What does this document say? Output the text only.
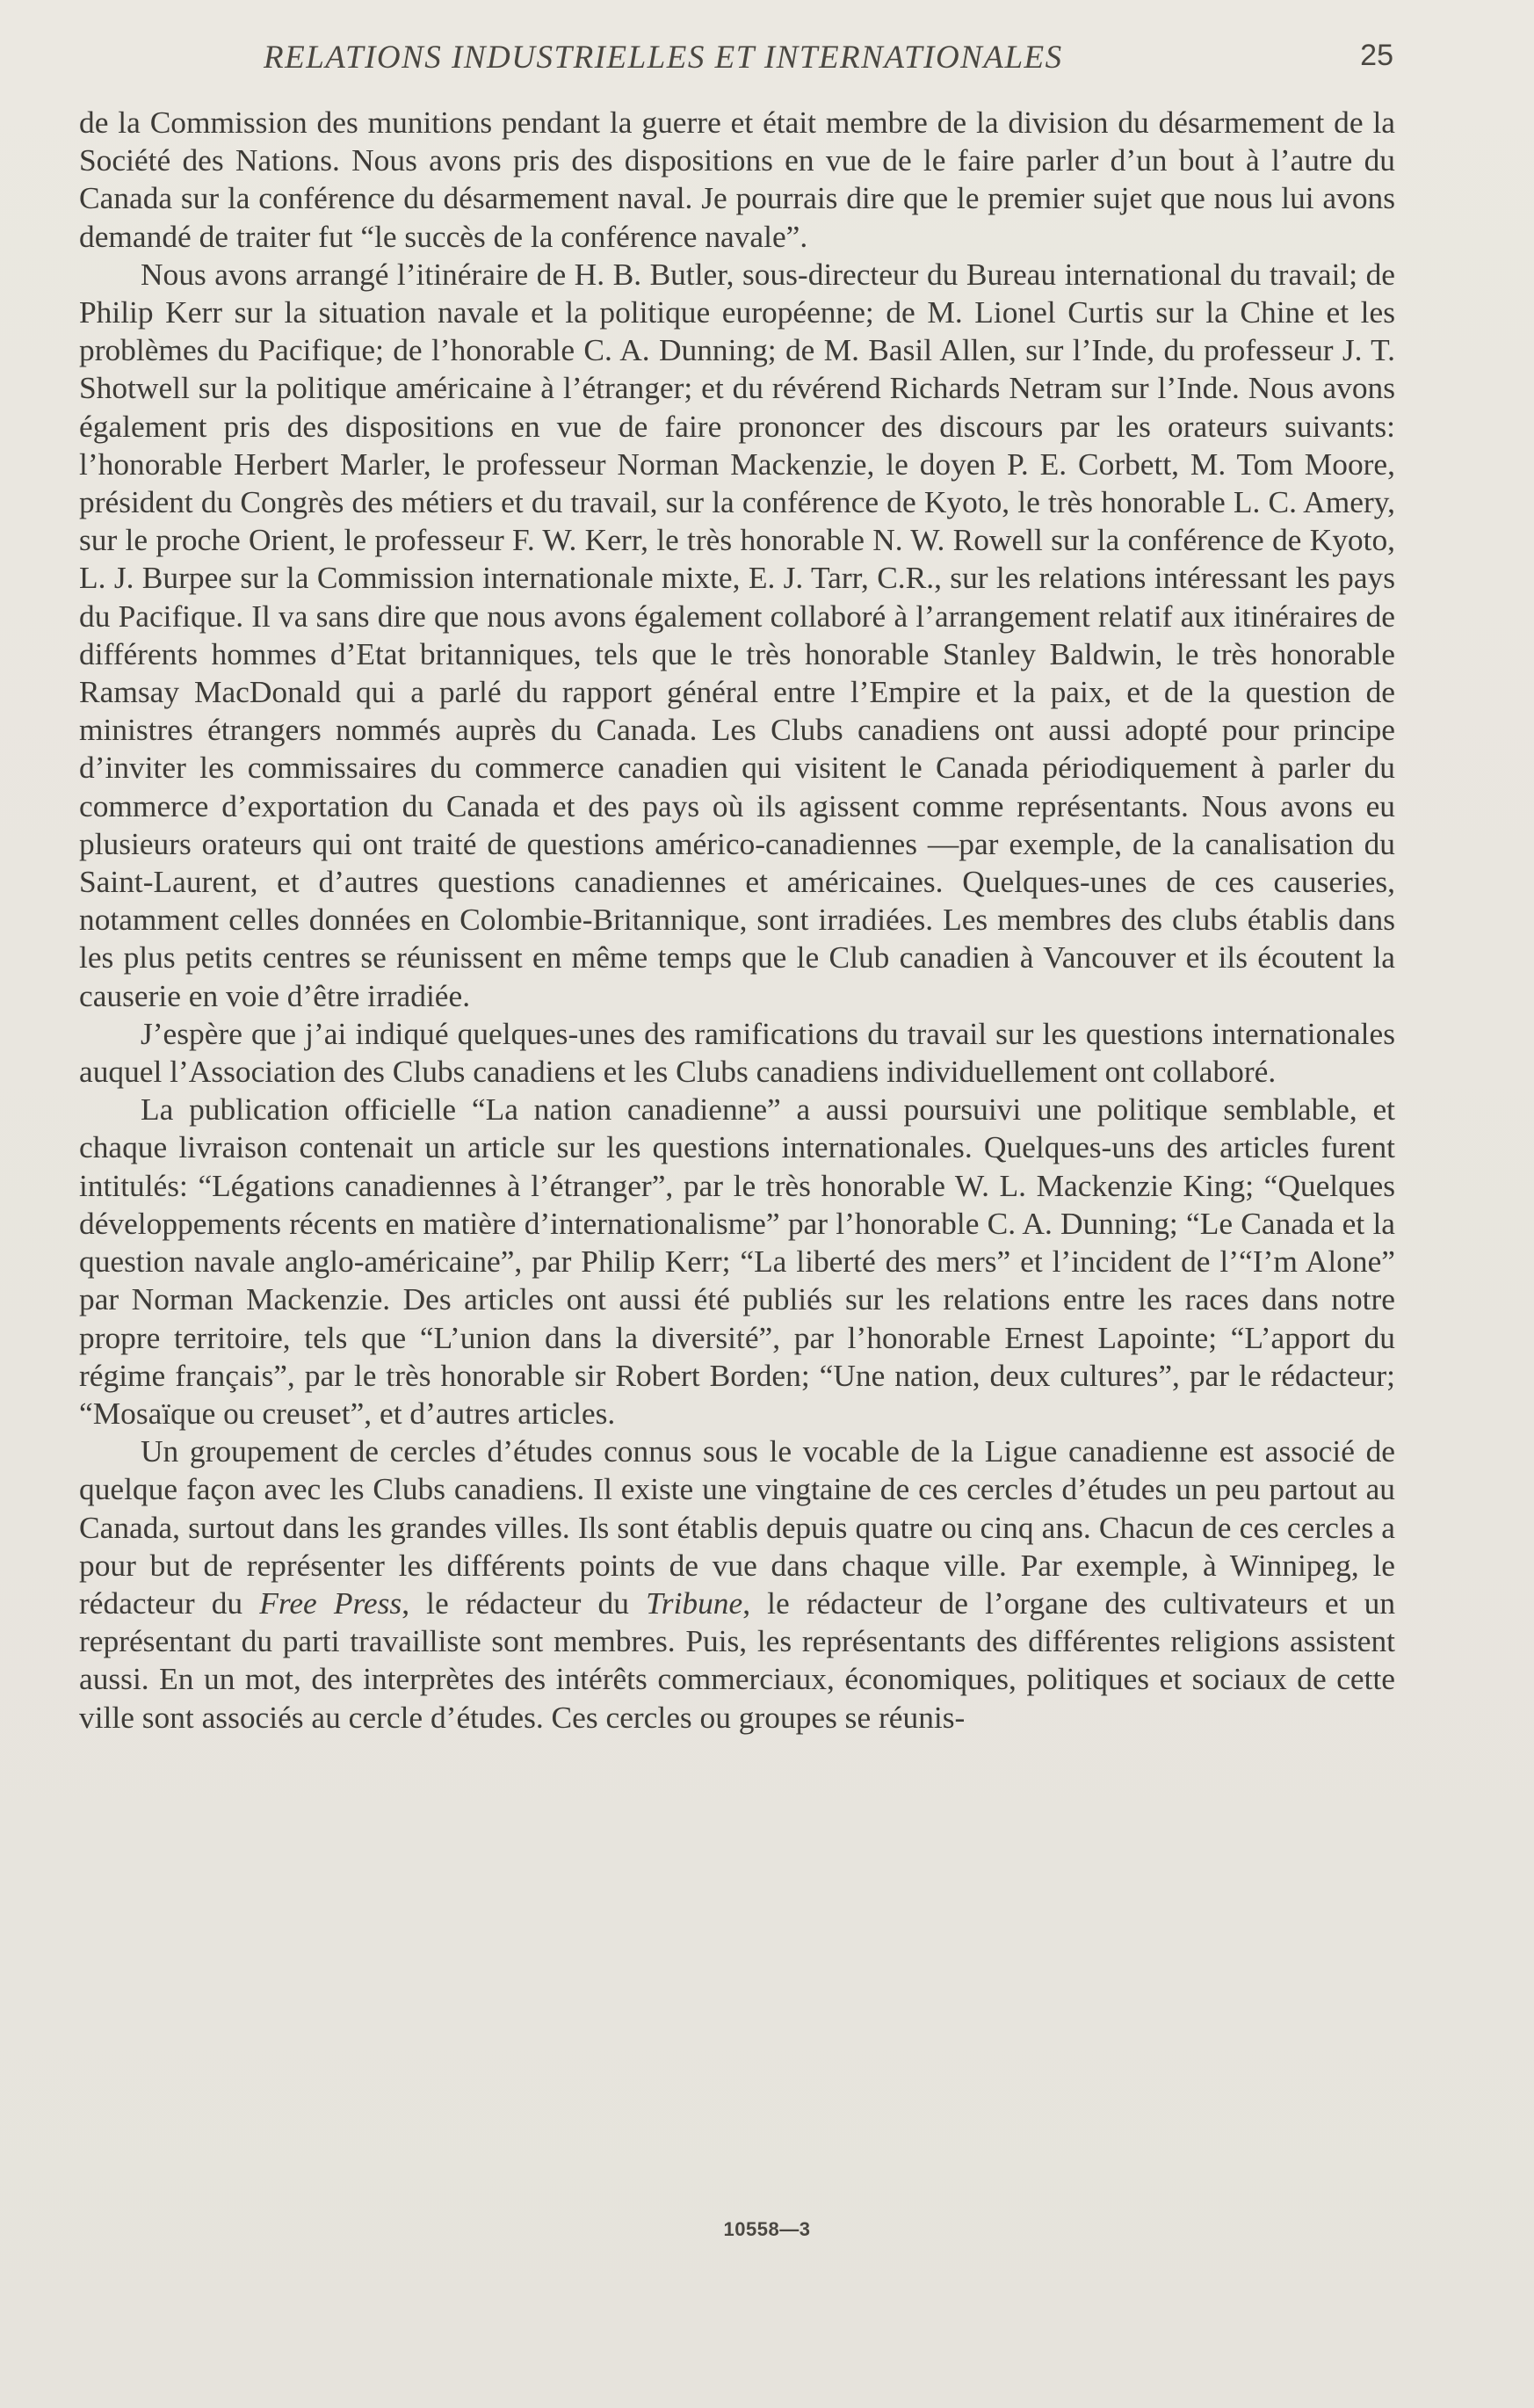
RELATIONS INDUSTRIELLES ET INTERNATIONALES	25

de la Commission des munitions pendant la guerre et était membre de la division du désarmement de la Société des Nations. Nous avons pris des dispositions en vue de le faire parler d’un bout à l’autre du Canada sur la conférence du désarmement naval. Je pourrais dire que le premier sujet que nous lui avons demandé de traiter fut “le succès de la conférence navale”.

Nous avons arrangé l’itinéraire de H. B. Butler, sous-directeur du Bureau international du travail; de Philip Kerr sur la situation navale et la politique européenne; de M. Lionel Curtis sur la Chine et les problèmes du Pacifique; de l’honorable C. A. Dunning; de M. Basil Allen, sur l’Inde, du professeur J. T. Shotwell sur la politique américaine à l’étranger; et du révérend Richards Netram sur l’Inde. Nous avons également pris des dispositions en vue de faire prononcer des discours par les orateurs suivants: l’honorable Herbert Marler, le professeur Norman Mackenzie, le doyen P. E. Corbett, M. Tom Moore, président du Congrès des métiers et du travail, sur la conférence de Kyoto, le très honorable L. C. Amery, sur le proche Orient, le professeur F. W. Kerr, le très honorable N. W. Rowell sur la conférence de Kyoto, L. J. Burpee sur la Commission internationale mixte, E. J. Tarr, C.R., sur les relations intéressant les pays du Pacifique. Il va sans dire que nous avons également collaboré à l’arrangement relatif aux itinéraires de différents hommes d’Etat britanniques, tels que le très honorable Stanley Baldwin, le très honorable Ramsay MacDonald qui a parlé du rapport général entre l’Empire et la paix, et de la question de ministres étrangers nommés auprès du Canada. Les Clubs canadiens ont aussi adopté pour principe d’inviter les commissaires du commerce canadien qui visitent le Canada périodiquement à parler du commerce d’exportation du Canada et des pays où ils agissent comme représentants. Nous avons eu plusieurs orateurs qui ont traité de questions américo-canadiennes —par exemple, de la canalisation du Saint-Laurent, et d’autres questions canadiennes et américaines. Quelques-unes de ces causeries, notamment celles données en Colombie-Britannique, sont irradiées. Les membres des clubs établis dans les plus petits centres se réunissent en même temps que le Club canadien à Vancouver et ils écoutent la causerie en voie d’être irradiée.

J’espère que j’ai indiqué quelques-unes des ramifications du travail sur les questions internationales auquel l’Association des Clubs canadiens et les Clubs canadiens individuellement ont collaboré.

La publication officielle “La nation canadienne” a aussi poursuivi une politique semblable, et chaque livraison contenait un article sur les questions internationales. Quelques-uns des articles furent intitulés: “Légations canadiennes à l’étranger”, par le très honorable W. L. Mackenzie King; “Quelques développements récents en matière d’internationalisme” par l’honorable C. A. Dunning; “Le Canada et la question navale anglo-américaine”, par Philip Kerr; “La liberté des mers” et l’incident de l’“I’m Alone” par Norman Mackenzie. Des articles ont aussi été publiés sur les relations entre les races dans notre propre territoire, tels que “L’union dans la diversité”, par l’honorable Ernest Lapointe; “L’apport du régime français”, par le très honorable sir Robert Borden; “Une nation, deux cultures”, par le rédacteur; “Mosaïque ou creuset”, et d’autres articles.

Un groupement de cercles d’études connus sous le vocable de la Ligue canadienne est associé de quelque façon avec les Clubs canadiens. Il existe une vingtaine de ces cercles d’études un peu partout au Canada, surtout dans les grandes villes. Ils sont établis depuis quatre ou cinq ans. Chacun de ces cercles a pour but de représenter les différents points de vue dans chaque ville. Par exemple, à Winnipeg, le rédacteur du Free Press, le rédacteur du Tribune, le rédacteur de l’organe des cultivateurs et un représentant du parti travailliste sont membres. Puis, les représentants des différentes religions assistent aussi. En un mot, des interprètes des intérêts commerciaux, économiques, politiques et sociaux de cette ville sont associés au cercle d’études. Ces cercles ou groupes se réunis-

10558—3
